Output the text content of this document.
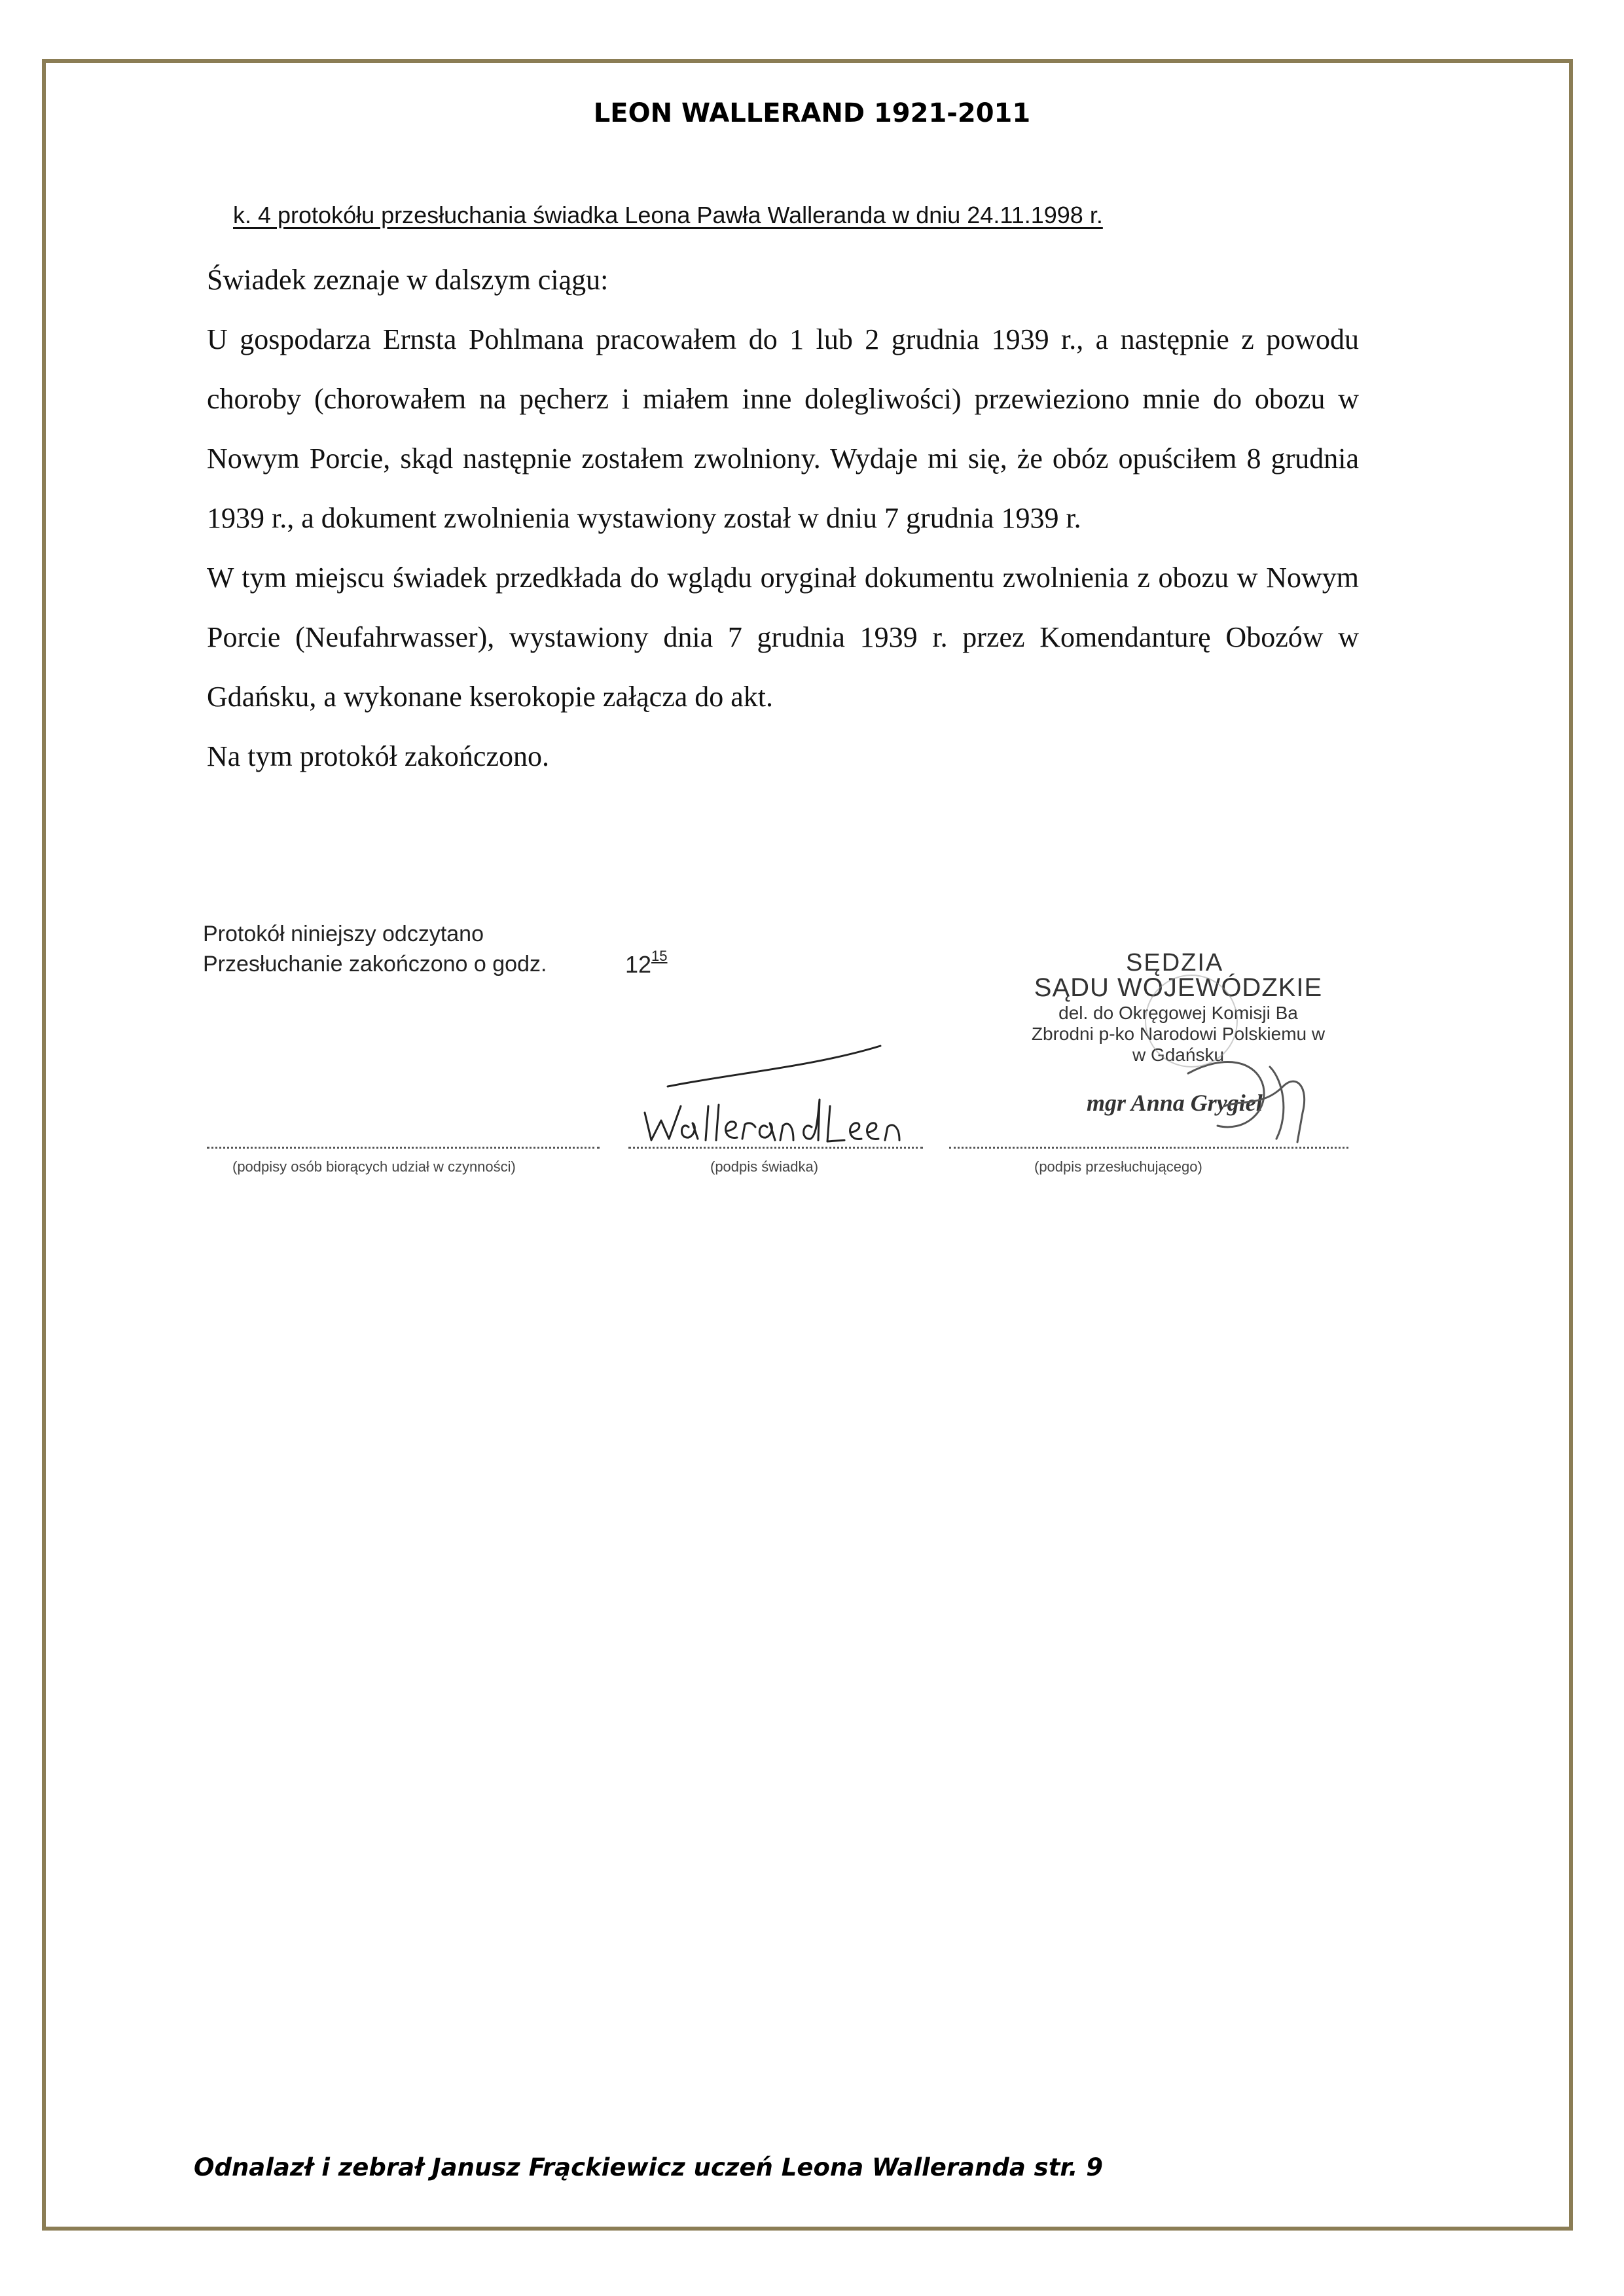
LEON WALLERAND 1921-2011
k. 4 protokółu przesłuchania świadka Leona Pawła Walleranda w dniu 24.11.1998 r.

Świadek zeznaje w dalszym ciągu:

U gospodarza Ernsta Pohlmana pracowałem do 1 lub 2 grudnia 1939 r., a następnie z powodu choroby (chorowałem na pęcherz i miałem inne dolegliwości) przewieziono mnie do obozu w Nowym Porcie, skąd następnie zostałem zwolniony. Wydaje mi się, że obóz opuściłem 8 grudnia 1939 r., a dokument zwolnienia wystawiony został w dniu 7 grudnia 1939 r.

W tym miejscu świadek przedkłada do wglądu oryginał dokumentu zwolnienia z obozu w Nowym Porcie (Neufahrwasser), wystawiony dnia 7 grudnia 1939 r. przez Komendanturę Obozów w Gdańsku, a wykonane kserokopie załącza do akt.

Na tym protokół zakończono.

Protokół niniejszy odczytano
Przesłuchanie zakończono o godz.	$12^{15}$	SĘDZIA
SĄDU WOJEWÓDZKIE
del. do Okręgowej Komisji Ba
Zbrodni p-ko Narodowi Polskiemu w
w Gdańsku
mgr Anna Grygiel
(podpisy osób biorących udział w czynności)	(podpis świadka)	(podpis przesłuchującego)
Odnalazł i zebrał Janusz Frąckiewicz uczeń Leona Walleranda str. 9
